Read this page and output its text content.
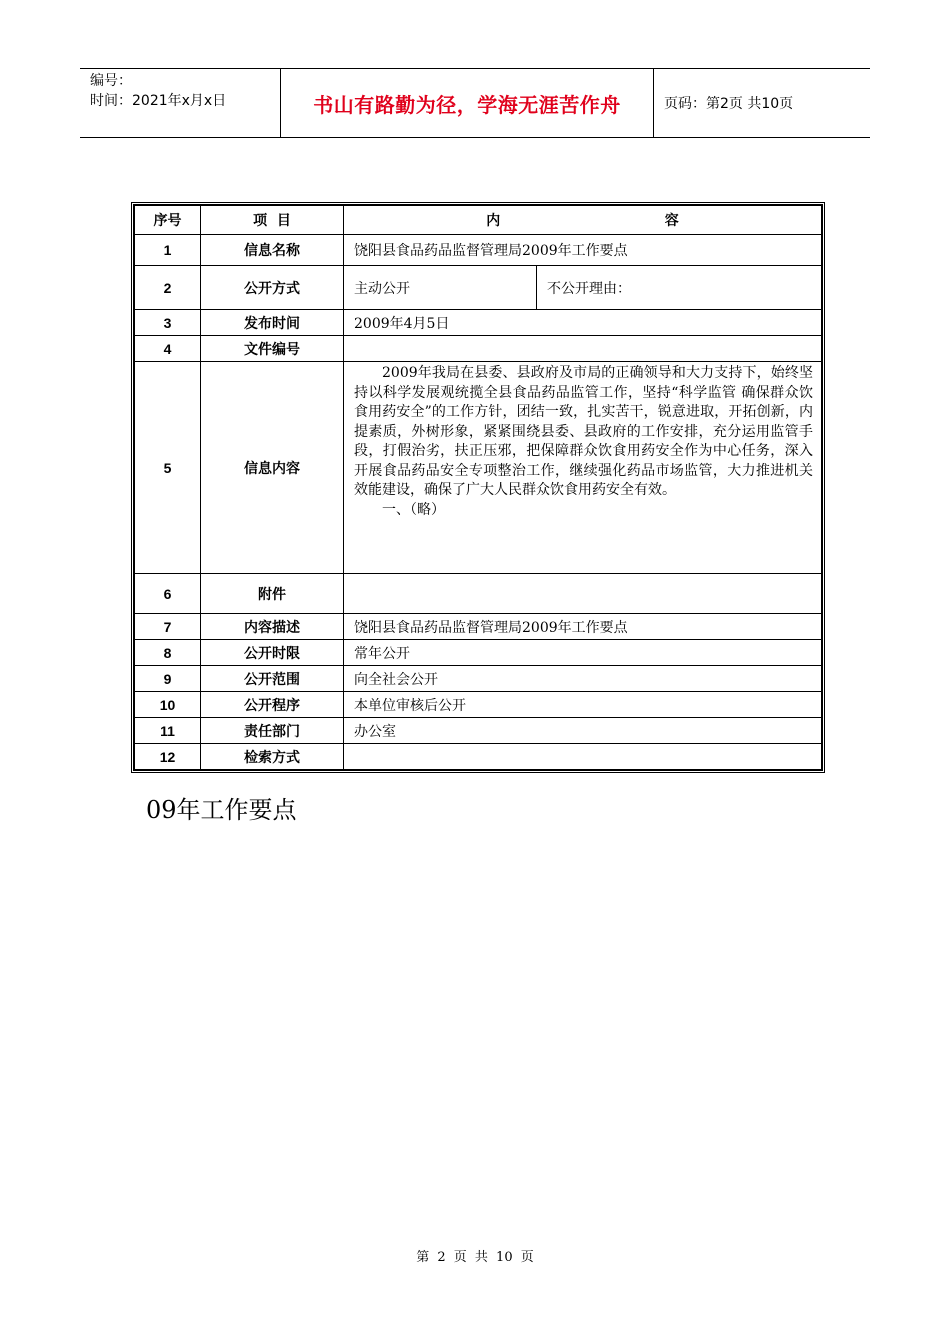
编号：
时间：2021年x月x日	书山有路勤为径，学海无涯苦作舟	页码：第2页 共10页
序号	项  目	内 容	

1	信息名称	饶阳县食品药品监督管理局2009年工作要点	
2	公开方式	主动公开	不公开理由：
3	发布时间	2009年4月5日	
4	文件编号		
5	信息内容	2009年我局在县委、县政府及市局的正确领导和大力支持下，始终坚持以科学发展观统揽全县食品药品监管工作，坚持“科学监管 确保群众饮食用药安全”的工作方针，团结一致，扎实苦干，锐意进取，开拓创新，内提素质，外树形象，紧紧围绕县委、县政府的工作安排，充分运用监管手段，打假治劣，扶正压邪，把保障群众饮食用药安全作为中心任务，深入开展食品药品安全专项整治工作，继续强化药品市场监管，大力推进机关效能建设，确保了广大人民群众饮食用药安全有效。

一、（略）	

6	附件		
7	内容描述	饶阳县食品药品监督管理局2009年工作要点	
8	公开时限	常年公开	
9	公开范围	向全社会公开	
10	公开程序	本单位审核后公开	
11	责任部门	办公室	
12	检索方式		
09年工作要点
第 2 页 共 10 页
